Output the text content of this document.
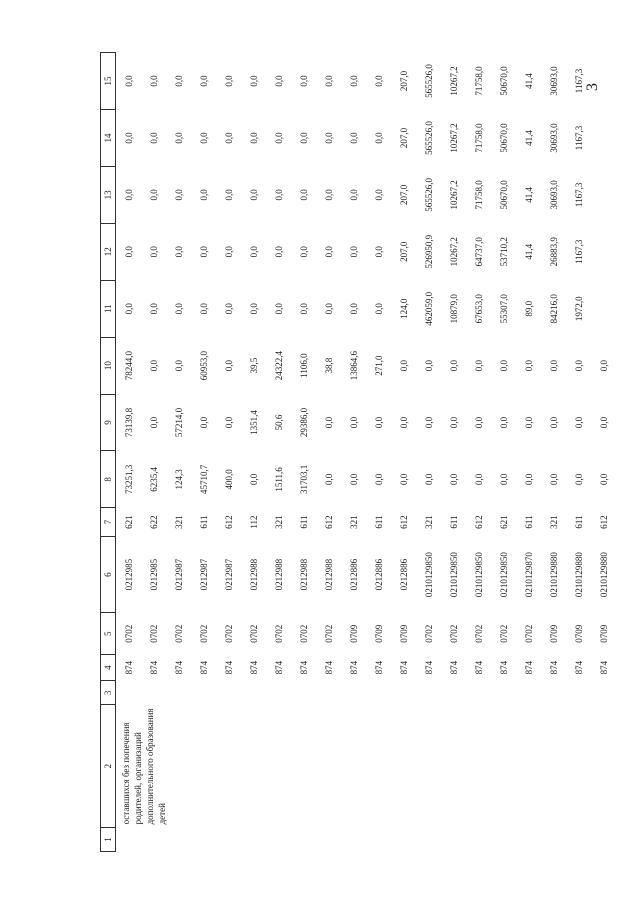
3
1	2	3	4	5	6	7	8	9	10	11	12	13	14	15
	оставшихся без попечения родителей, организаций дополнительного образования детей		874	0702	0212985	621	73251,3	73139,8	78244,0	0,0	0,0	0,0	0,0	0,0
			874	0702	0212985	622	6235,4	0,0	0,0	0,0	0,0	0,0	0,0	0,0
			874	0702	0212987	321	124,3	57214,0	0,0	0,0	0,0	0,0	0,0	0,0
			874	0702	0212987	611	45710,7	0,0	60953,0	0,0	0,0	0,0	0,0	0,0
			874	0702	0212987	612	400,0	0,0	0,0	0,0	0,0	0,0	0,0	0,0
			874	0702	0212988	112	0,0	1351,4	39,5	0,0	0,0	0,0	0,0	0,0
			874	0702	0212988	321	1511,6	50,6	24322,4	0,0	0,0	0,0	0,0	0,0
			874	0702	0212988	611	31703,1	29386,0	1106,0	0,0	0,0	0,0	0,0	0,0
			874	0702	0212988	612	0,0	0,0	38,8	0,0	0,0	0,0	0,0	0,0
			874	0709	0212886	321	0,0	0,0	13864,6	0,0	0,0	0,0	0,0	0,0
			874	0709	0212886	611	0,0	0,0	271,0	0,0	0,0	0,0	0,0	0,0
			874	0709	0212886	612	0,0	0,0	0,0	124,0	207,0	207,0	207,0	207,0
			874	0702	0210129850	321	0,0	0,0	0,0	462059,0	526950,9	565526,0	565526,0	565526,0
			874	0702	0210129850	611	0,0	0,0	0,0	10879,0	10267,2	10267,2	10267,2	10267,2
			874	0702	0210129850	612	0,0	0,0	0,0	67653,0	64737,0	71758,0	71758,0	71758,0
			874	0702	0210129850	621	0,0	0,0	0,0	55307,0	53710,2	50670,0	50670,0	50670,0
			874	0702	0210129870	611	0,0	0,0	0,0	89,0	41,4	41,4	41,4	41,4
			874	0709	0210129880	321	0,0	0,0	0,0	84216,0	26883,9	30693,0	30693,0	30693,0
			874	0709	0210129880	611	0,0	0,0	0,0	1972,0	1167,3	1167,3	1167,3	1167,3
			874	0709	0210129880	612	0,0	0,0	0,0					
